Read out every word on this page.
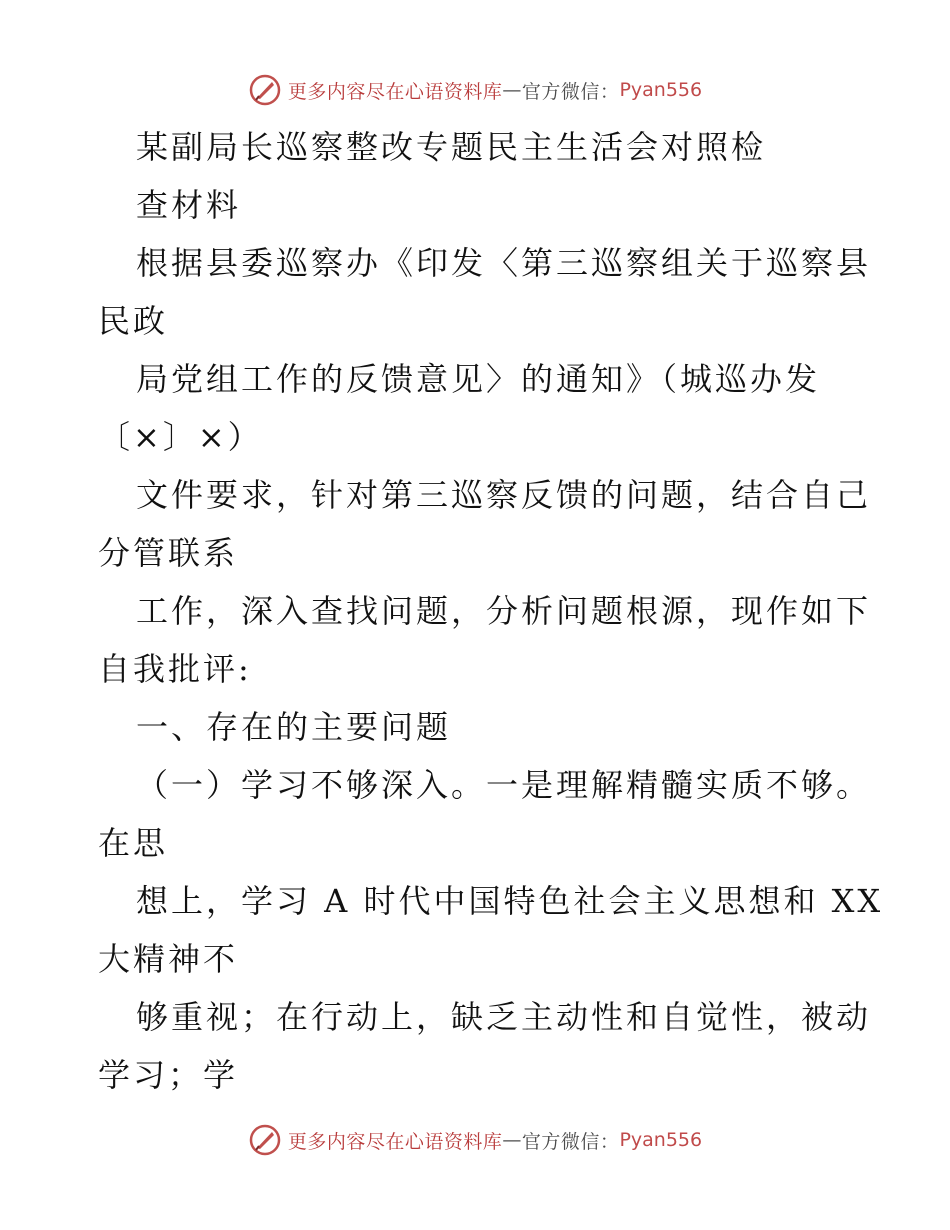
更多内容尽在心语资料库 — 官方微信： Pyan556
某副局长巡察整改专题民主生活会对照检
查材料
根据县委巡察办《印发〈第三巡察组关于巡察县
民政
局党组工作的反馈意见〉的通知》（城巡办发
〔×〕×）
文件要求，针对第三巡察反馈的问题，结合自己
分管联系
工作，深入查找问题，分析问题根源，现作如下
自我批评:
一、存在的主要问题
（一）学习不够深入。一是理解精髓实质不够。
在思
想上，学习 A 时代中国特色社会主义思想和 XX
大精神不
够重视；在行动上，缺乏主动性和自觉性，被动
学习；学
更多内容尽在心语资料库 — 官方微信： Pyan556
